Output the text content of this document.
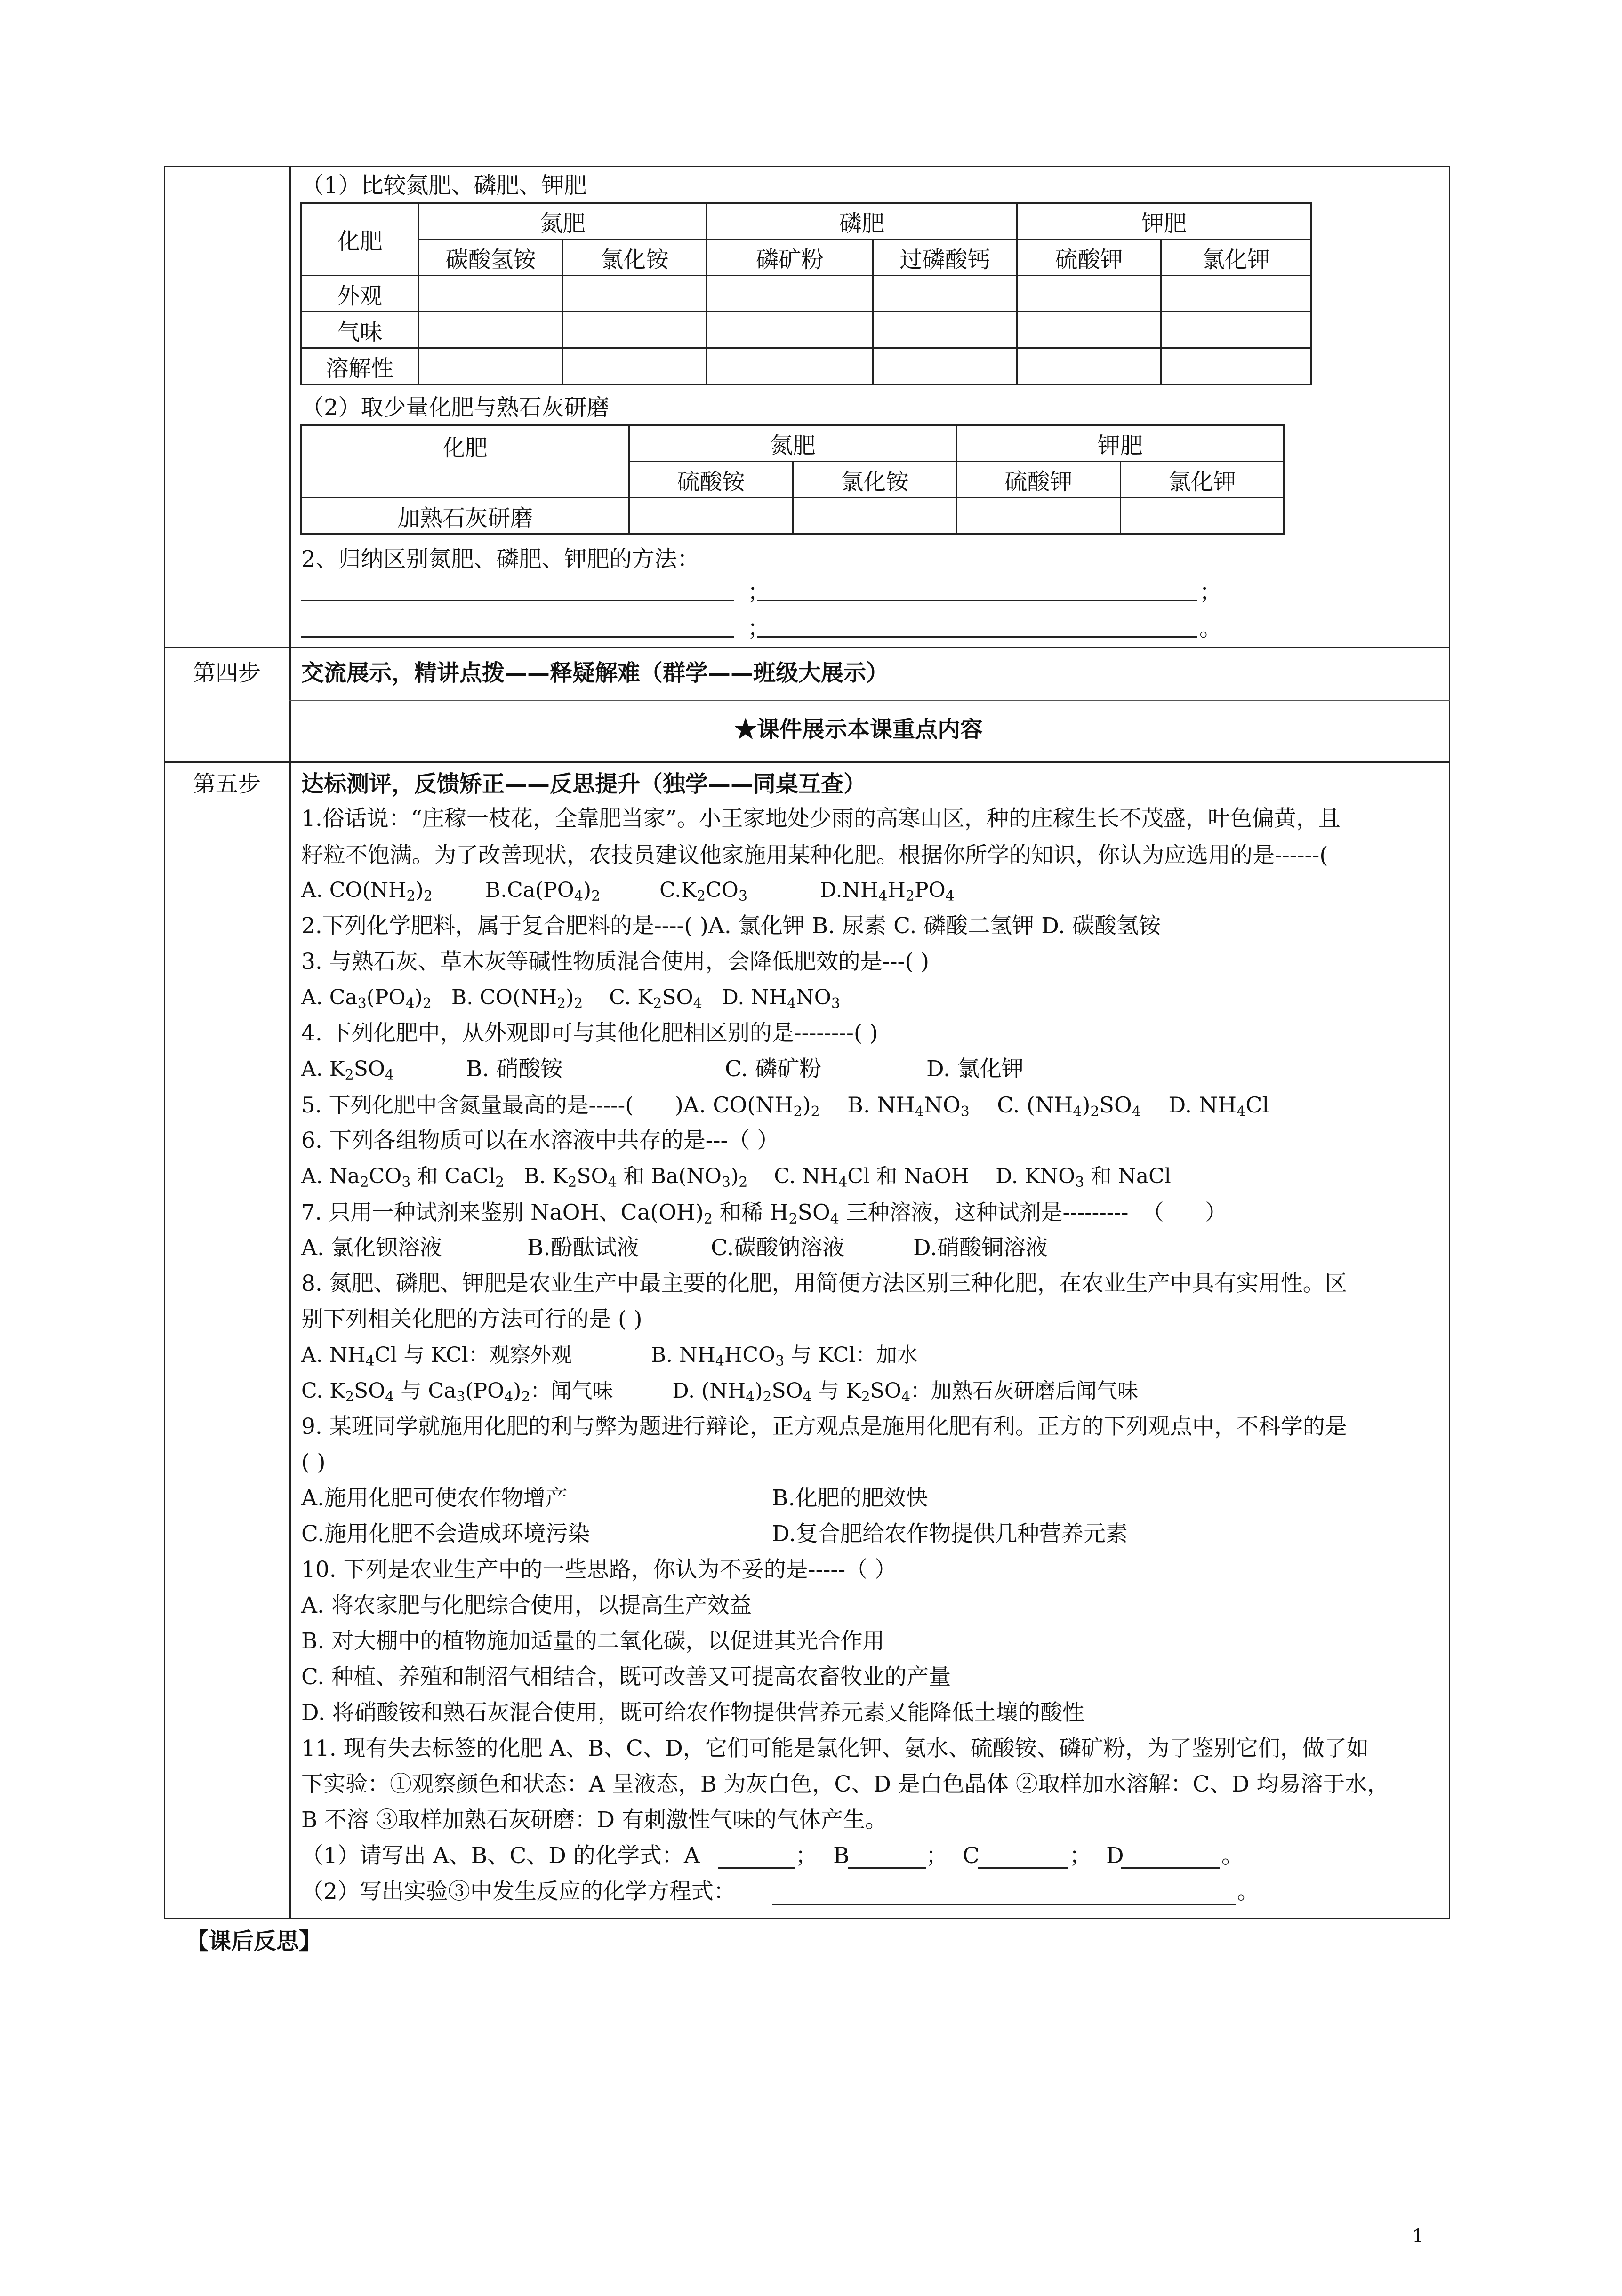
（1）比较氮肥、磷肥、钾肥
化肥	氮肥		磷肥		钾肥	
	碳酸氢铵	氯化铵	磷矿粉	过磷酸钙	硫酸钾	氯化钾
外观						
气味						
溶解性						
（2）取少量化肥与熟石灰研磨
化肥	氮肥		钾肥	
	硫酸铵	氯化铵	硫酸钾	氯化钾
加熟石灰研磨				
2、归纳区别氮肥、磷肥、钾肥的方法：
；	；
；	。
第四步 交流展示，精讲点拨——释疑解难（群学——班级大展示）
★课件展示本课重点内容
第五步 达标测评，反馈矫正——反思提升（独学——同桌互查）
1.俗话说：“庄稼一枝花，全靠肥当家”。小王家地处少雨的高寒山区，种的庄稼生长不茂盛，叶色偏黄，且
籽粒不饱满。为了改善现状，农技员建议他家施用某种化肥。根据你所学的知识，你认为应选用的是------(
A. $CO(NH_2)_2$        $B.Ca(PO_4)_2$         $C.K_2CO_3$           $D.NH_4H_2PO_4$
2.下列化学肥料，属于复合肥料的是----( )A. 氯化钾 B. 尿素 C. 磷酸二氢钾 D. 碳酸氢铵
3. 与熟石灰、草木灰等碱性物质混合使用，会降低肥效的是---( )
A. $Ca_3(PO_4)_2$   B. $CO(NH_2)_2$    C. $K_2SO_4$   D. $NH_4NO_3$
4. 下列化肥中，从外观即可与其他化肥相区别的是--------( )
A. $K_2SO_4$	B. 硝酸铵	C. 磷矿粉	D. 氯化钾
5. 下列化肥中含氮量最高的是-----(      )A. $CO(NH_2)_2$    B. $NH_4NO_3$    C. $(NH_4)_2SO_4$    D. $NH_4Cl$
6. 下列各组物质可以在水溶液中共存的是---（ ）
A. $Na_2CO_3$ 和 CaCl$_2$   B. $K_2SO_4$ 和 $Ba(NO_3)_2$    C. $NH_4Cl$ 和 NaOH    D. $KNO_3$ 和 NaCl
7. 只用一种试剂来鉴别 NaOH、$Ca(OH)_2$ 和稀 $H_2SO_4$ 三种溶液，这种试剂是---------  （      ）
A. 氯化钡溶液	B.酚酞试液	C.碳酸钠溶液	D.硝酸铜溶液
8. 氮肥、磷肥、钾肥是农业生产中最主要的化肥，用简便方法区别三种化肥，在农业生产中具有实用性。区
别下列相关化肥的方法可行的是 ( )
A. $NH_4Cl$ 与 KCl：观察外观            B. $NH_4HCO_3$ 与 KCl：加水
C. $K_2SO_4$ 与 $Ca_3(PO_4)_2$：闻气味         D. $(NH_4)_2SO_4$ 与 $K_2SO_4$：加熟石灰研磨后闻气味
9. 某班同学就施用化肥的利与弊为题进行辩论，正方观点是施用化肥有利。正方的下列观点中，不科学的是
( )
A.施用化肥可使农作物增产	B.化肥的肥效快
C.施用化肥不会造成环境污染	D.复合肥给农作物提供几种营养元素
10. 下列是农业生产中的一些思路，你认为不妥的是-----（ ）
A. 将农家肥与化肥综合使用，以提高生产效益
B. 对大棚中的植物施加适量的二氧化碳，以促进其光合作用
C. 种植、养殖和制沼气相结合，既可改善又可提高农畜牧业的产量
D. 将硝酸铵和熟石灰混合使用，既可给农作物提供营养元素又能降低土壤的酸性
11. 现有失去标签的化肥 A、B、C、D，它们可能是氯化钾、氨水、硫酸铵、磷矿粉，为了鉴别它们，做了如
下实验：①观察颜色和状态：A 呈液态，B 为灰白色，C、D 是白色晶体 ②取样加水溶解：C、D 均易溶于水，
B 不溶 ③取样加熟石灰研磨：D 有刺激性气味的气体产生。
（1）请写出 A、B、C、D 的化学式：A	； B	； C	； D	。
（2）写出实验③中发生反应的化学方程式：	。
【课后反思】
1
